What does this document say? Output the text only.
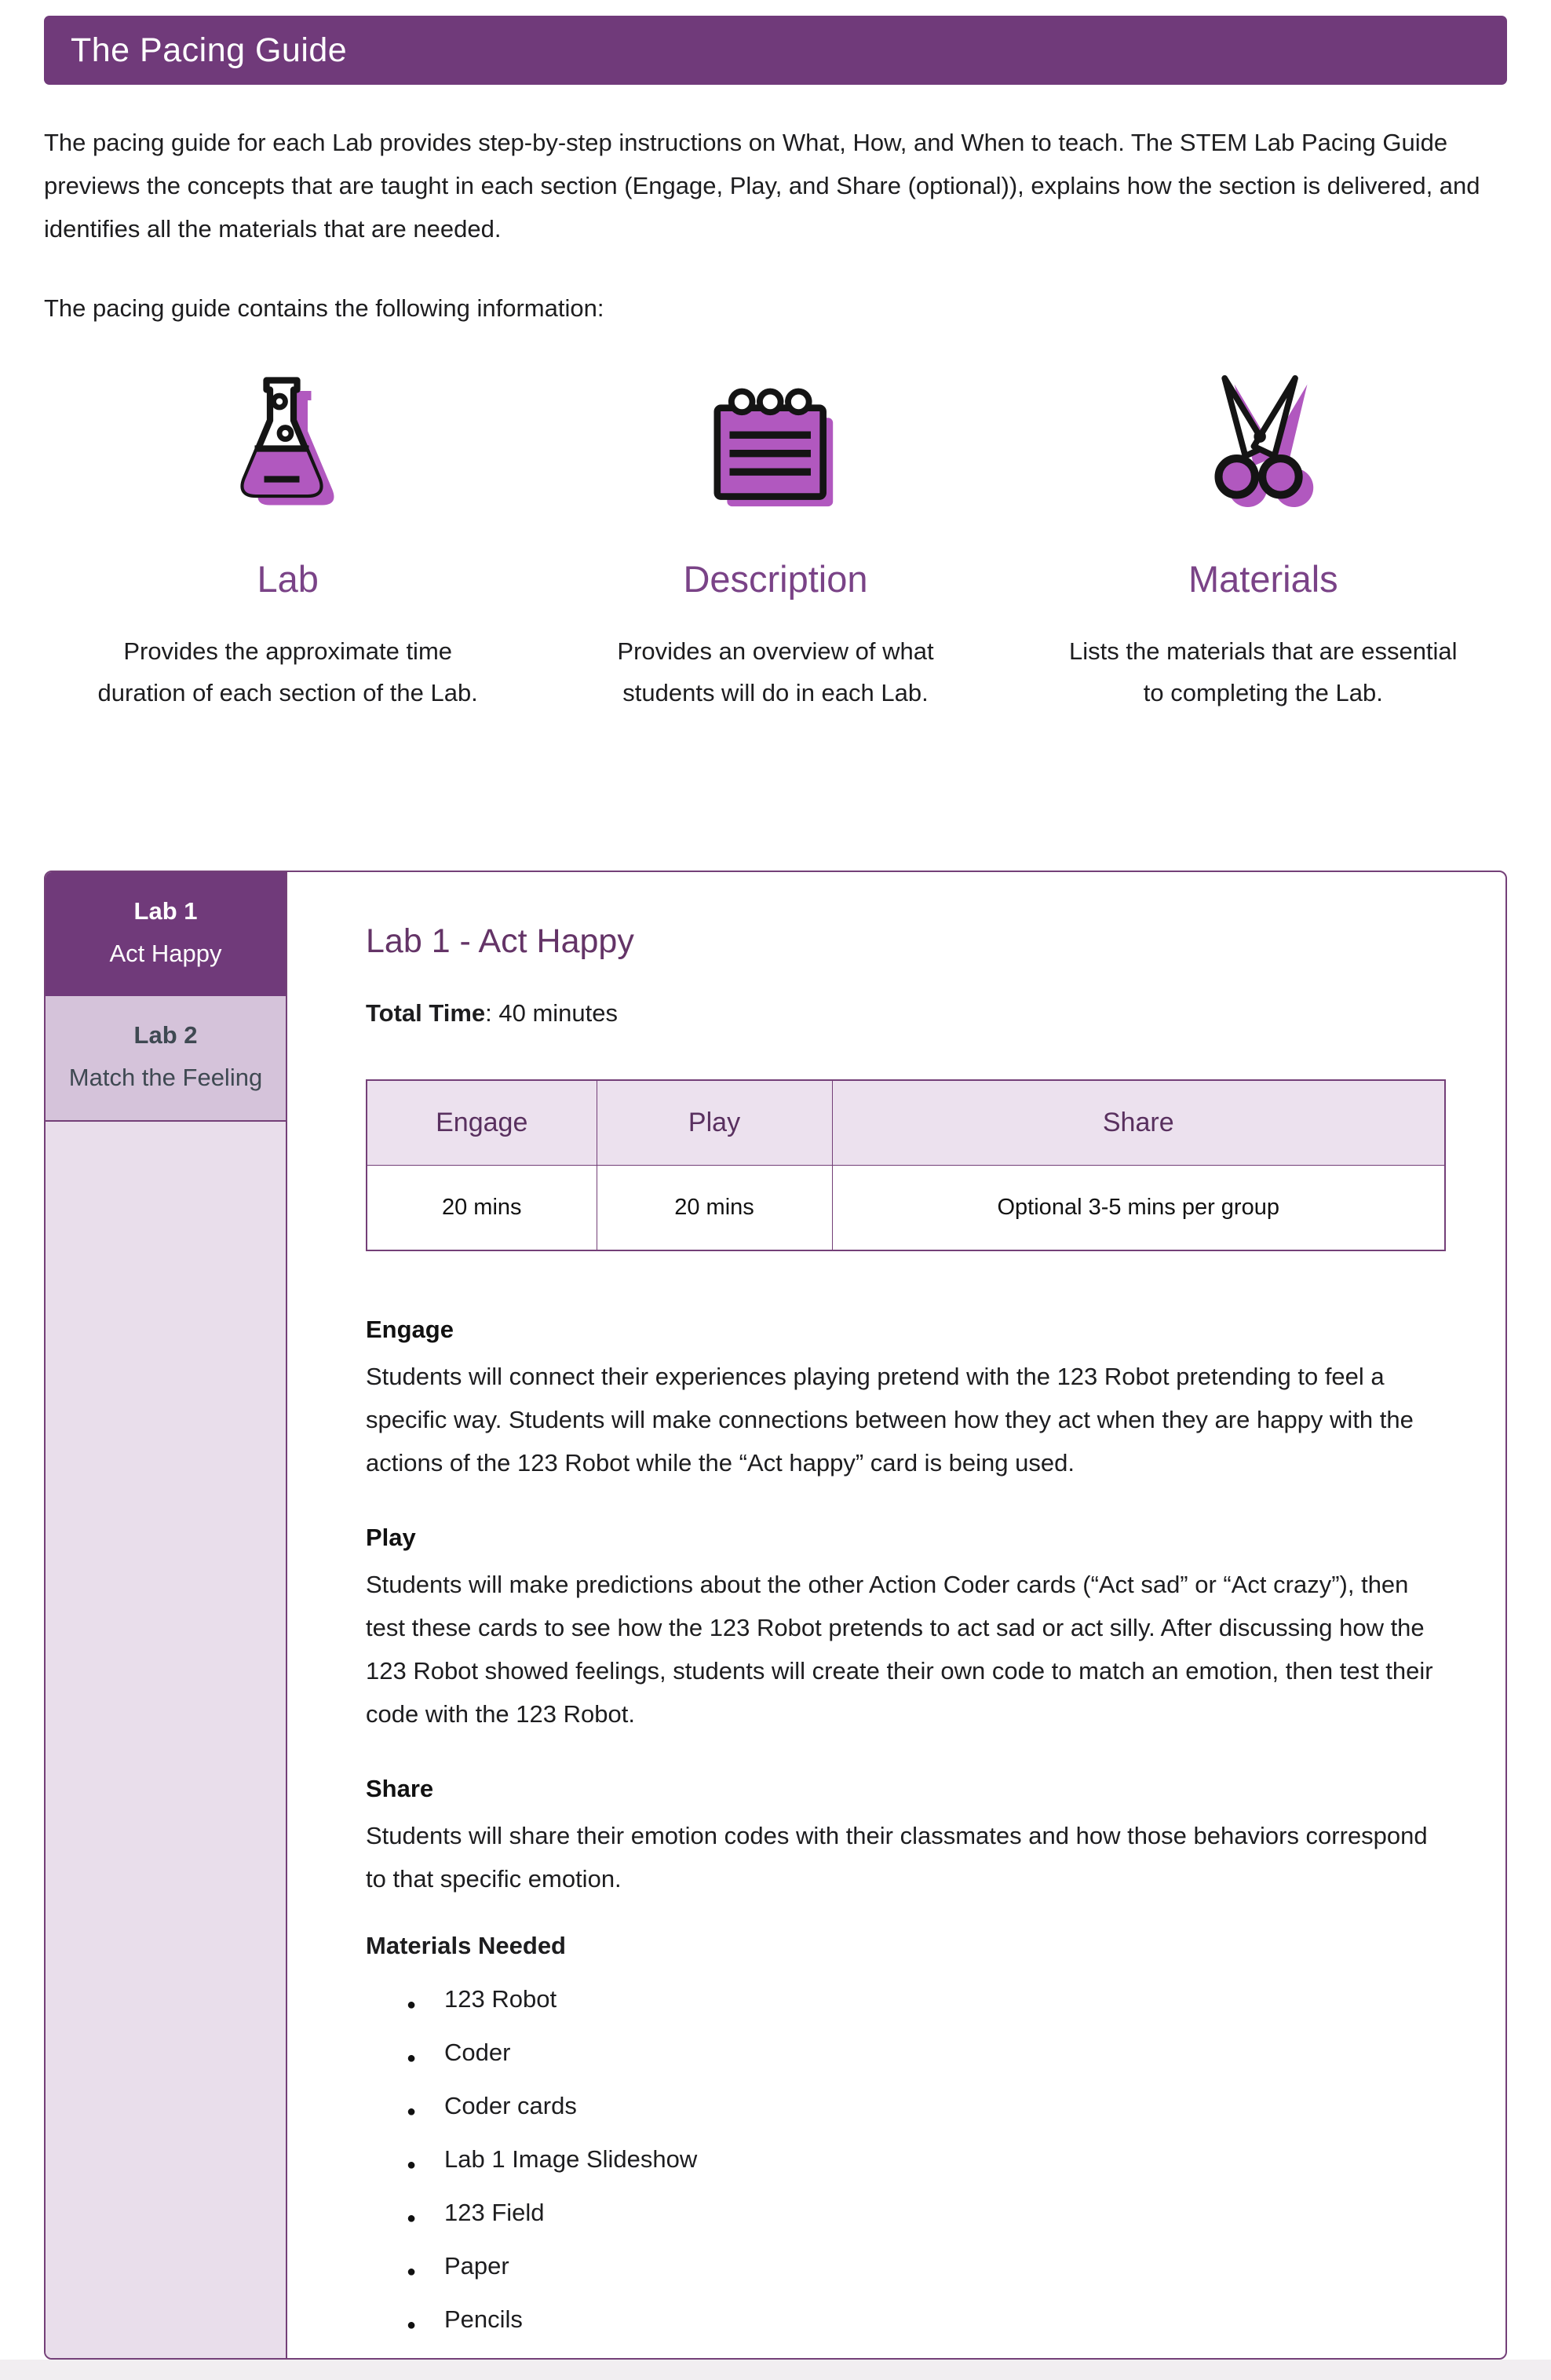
The Pacing Guide

The pacing guide for each Lab provides step-by-step instructions on What, How, and When to teach. The STEM Lab Pacing Guide previews the concepts that are taught in each section (Engage, Play, and Share (optional)), explains how the section is delivered, and identifies all the materials that are needed.

The pacing guide contains the following information:

Lab

Provides the approximate time
duration of each section of the Lab.

Description

Provides an overview of what
students will do in each Lab.

Materials

Lists the materials that are essential
to completing the Lab.

Lab 1
Act Happy
Lab 2
Match the Feeling
Lab 1 - Act Happy

Total Time: 40 minutes

Engage	Play	Share
20 mins	20 mins	Optional 3-5 mins per group
Engage

Students will connect their experiences playing pretend with the 123 Robot pretending to feel a specific way. Students will make connections between how they act when they are happy with the actions of the 123 Robot while the “Act happy” card is being used.

Play

Students will make predictions about the other Action Coder cards (“Act sad” or “Act crazy”), then test these cards to see how the 123 Robot pretends to act sad or act silly. After discussing how the 123 Robot showed feelings, students will create their own code to match an emotion, then test their code with the 123 Robot.

Share

Students will share their emotion codes with their classmates and how those behaviors correspond to that specific emotion.

Materials Needed
● 123 Robot
● Coder
● Coder cards
● Lab 1 Image Slideshow
● 123 Field
● Paper
● Pencils
